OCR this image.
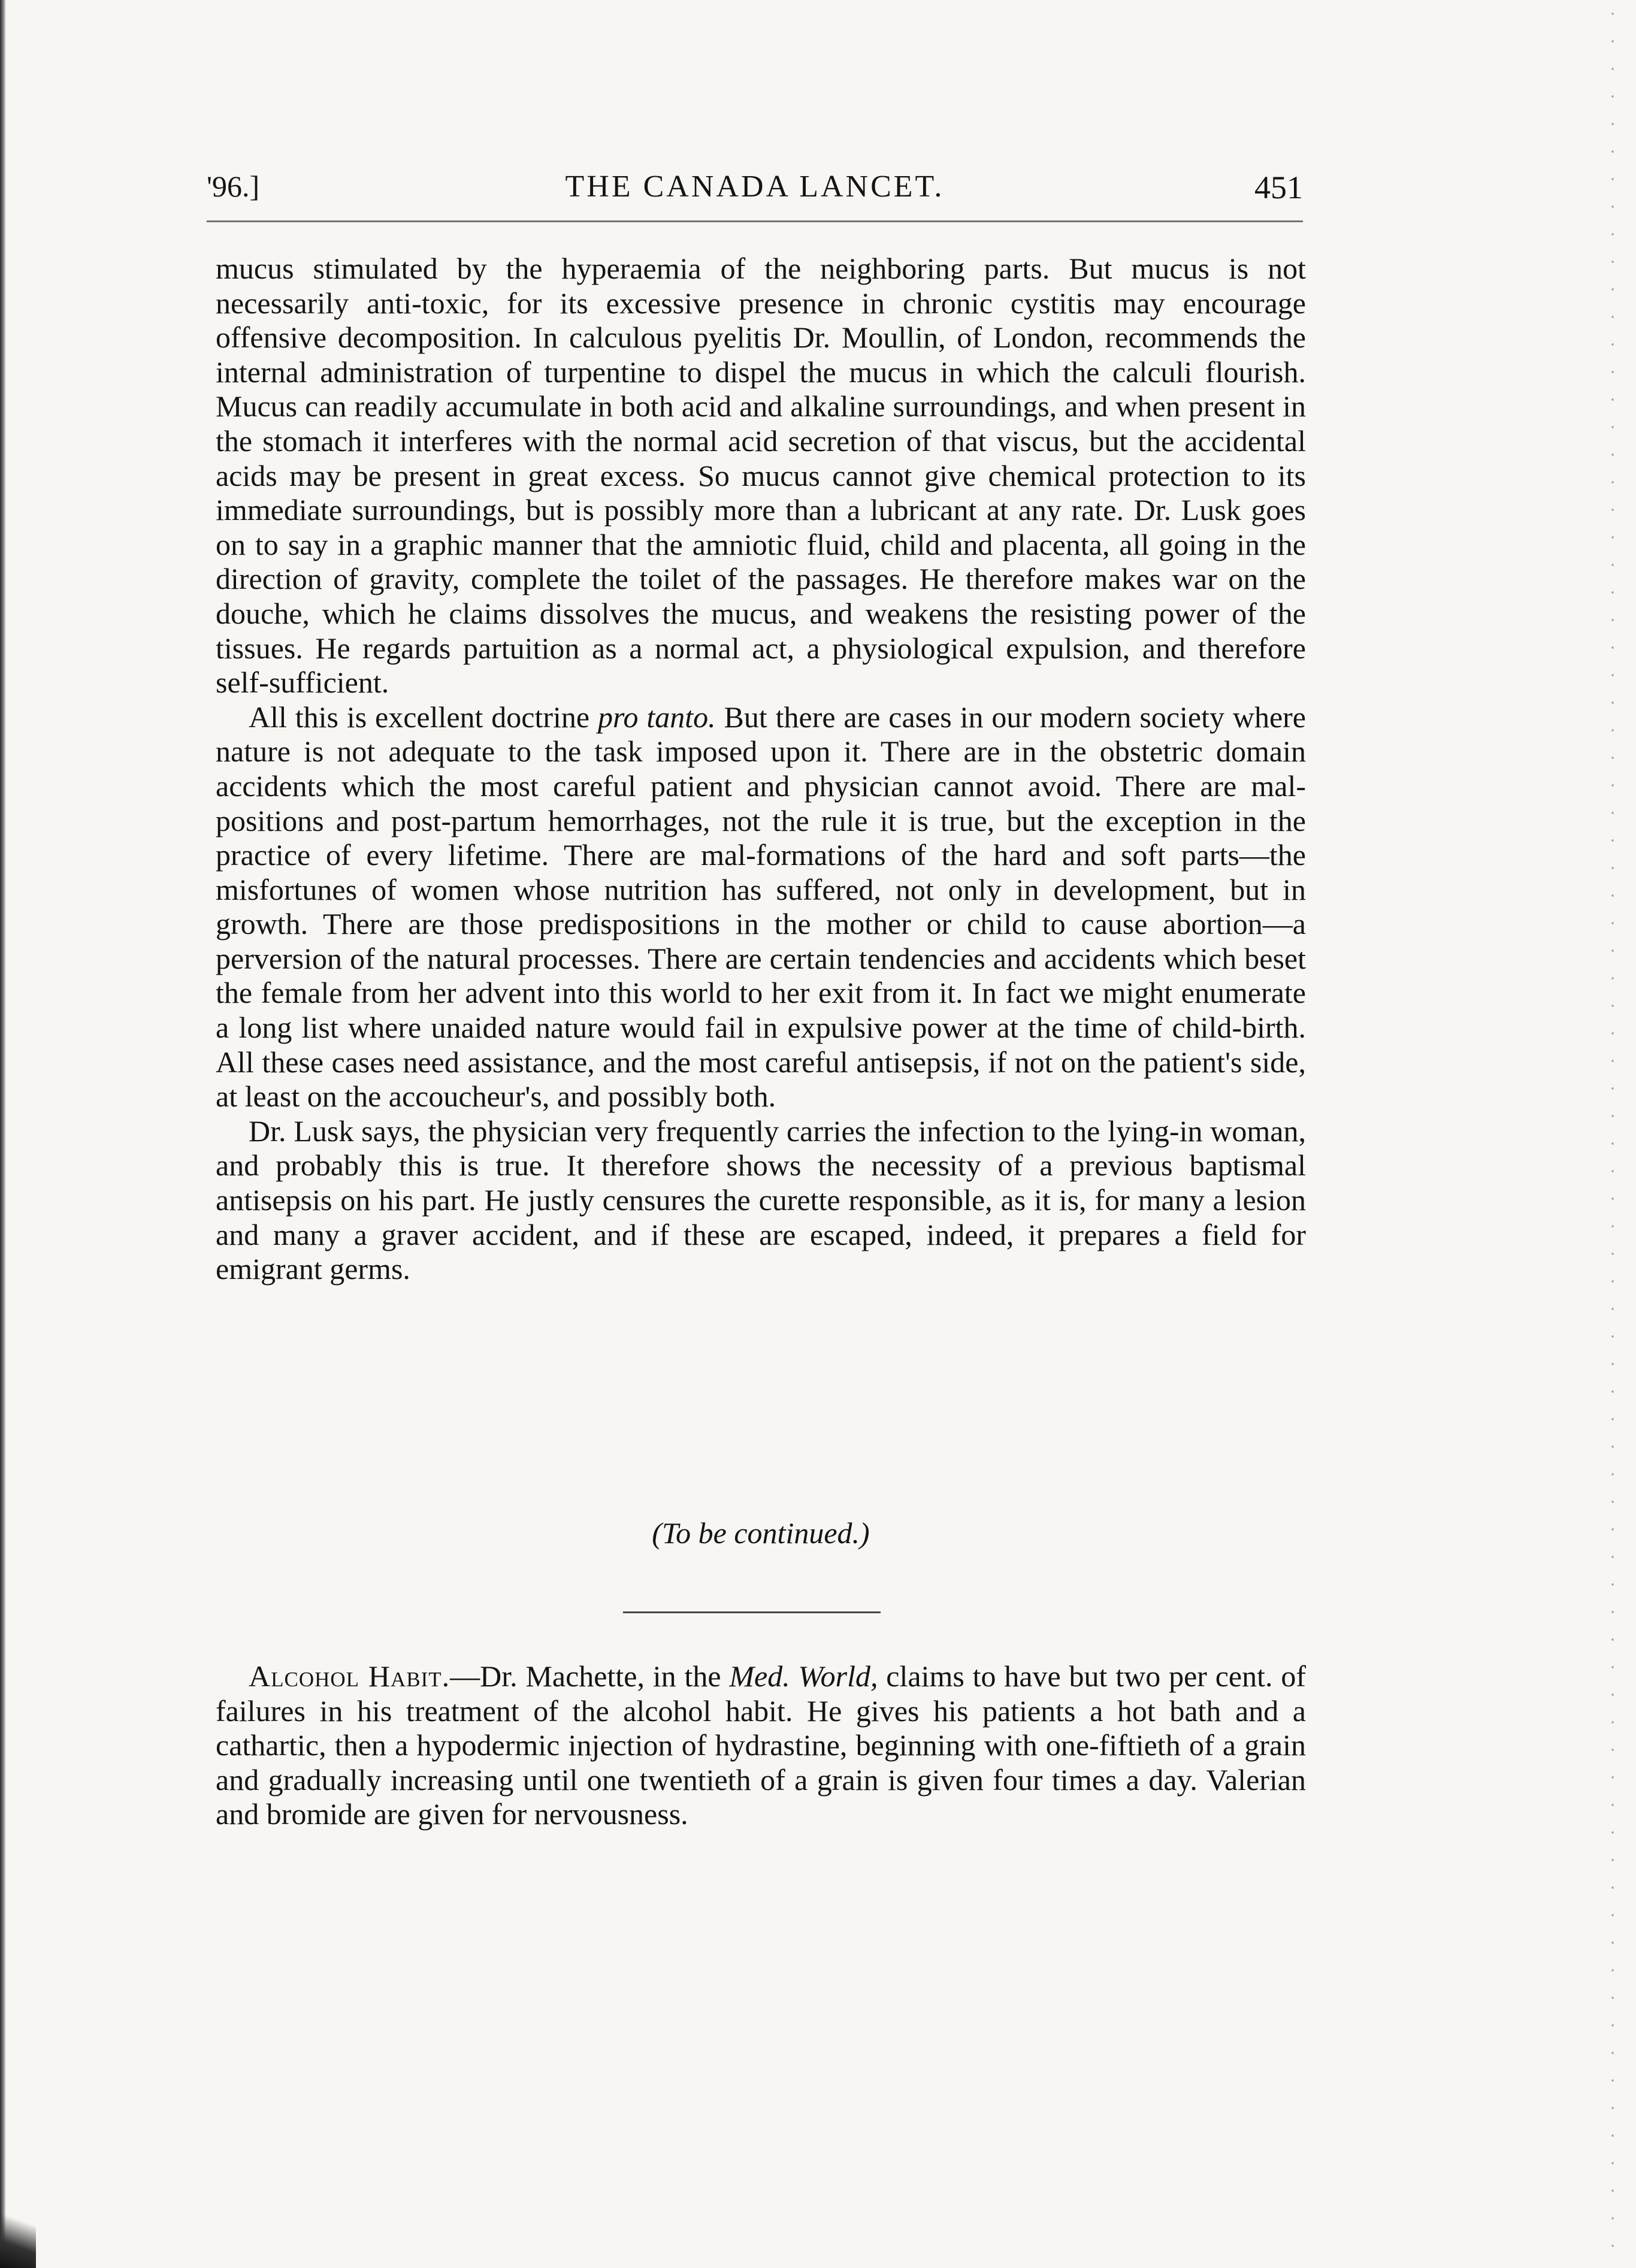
'96.]	THE CANADA LANCET.	451

mucus stimulated by the hyperaemia of the neighboring parts. But mucus is not necessarily anti-toxic, for its excessive presence in chronic cystitis may encourage offensive decomposition. In calculous pyelitis Dr. Moullin, of London, recommends the internal administration of turpentine to dispel the mucus in which the calculi flourish. Mucus can readily accumulate in both acid and alkaline surroundings, and when present in the stomach it interferes with the normal acid secretion of that viscus, but the accidental acids may be present in great excess. So mucus cannot give chemical protection to its immediate surroundings, but is possibly more than a lubricant at any rate. Dr. Lusk goes on to say in a graphic manner that the amniotic fluid, child and placenta, all going in the direction of gravity, complete the toilet of the passages. He therefore makes war on the douche, which he claims dissolves the mucus, and weakens the resisting power of the tissues. He regards partuition as a normal act, a physiological expulsion, and therefore self-sufficient.

All this is excellent doctrine pro tanto. But there are cases in our modern society where nature is not adequate to the task imposed upon it. There are in the obstetric domain accidents which the most careful patient and physician cannot avoid. There are mal-positions and post-partum hemorrhages, not the rule it is true, but the exception in the practice of every lifetime. There are mal-formations of the hard and soft parts—the misfortunes of women whose nutrition has suffered, not only in development, but in growth. There are those predispositions in the mother or child to cause abortion—a perversion of the natural processes. There are certain tendencies and accidents which beset the female from her advent into this world to her exit from it. In fact we might enumerate a long list where unaided nature would fail in expulsive power at the time of child-birth. All these cases need assistance, and the most careful antisepsis, if not on the patient's side, at least on the accoucheur's, and possibly both.

Dr. Lusk says, the physician very frequently carries the infection to the lying-in woman, and probably this is true. It therefore shows the necessity of a previous baptismal antisepsis on his part. He justly censures the curette responsible, as it is, for many a lesion and many a graver accident, and if these are escaped, indeed, it prepares a field for emigrant germs.

(To be continued.)

Alcohol Habit.—Dr. Machette, in the Med. World, claims to have but two per cent. of failures in his treatment of the alcohol habit. He gives his patients a hot bath and a cathartic, then a hypodermic injection of hydrastine, beginning with one-fiftieth of a grain and gradually increasing until one twentieth of a grain is given four times a day. Valerian and bromide are given for nervousness.
